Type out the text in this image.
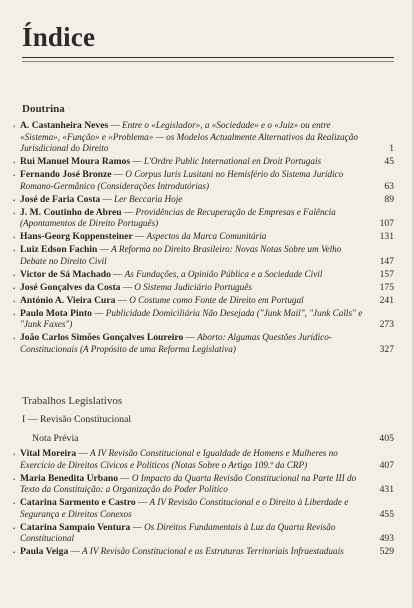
Índice
Doutrina
• A. Castanheira Neves — Entre o «Legislador», a «Sociedade» e o «Juiz» ou entre «Sistema», «Função» e «Problema» — os Modelos Actualmente Alternativos da Realização Jurisdicional do Direito	1
• Rui Manuel Moura Ramos — L'Ordre Public International en Droit Portugais	45
• Fernando José Bronze — O Corpus Iuris Lusitani no Hemisfério do Sistema Jurídico Romano-Germânico (Considerações Introdutórias)	63
• José de Faria Costa — Ler Beccaria Hoje	89
• J. M. Coutinho de Abreu — Providências de Recuperação de Empresas e Falência (Apontamentos de Direito Português)	107
• Hans-Georg Koppensteiner — Aspectos da Marca Comunitária	131
• Luiz Edson Fachin — A Reforma no Direito Brasileiro: Novas Notas Sobre um Velho Debate no Direito Civil	147
• Victor de Sá Machado — As Fundações, a Opinião Pública e a Sociedade Civil	157
• José Gonçalves da Costa — O Sistema Judiciário Português	175
• António A. Vieira Cura — O Costume como Fonte de Direito em Portugal	241
• Paulo Mota Pinto — Publicidade Domiciliária Não Desejada ("Junk Mail", "Junk Calls" e "Junk Faxes")	273
• João Carlos Simões Gonçalves Loureiro — Aborto: Algumas Questões Jurídico-Constitucionais (A Propósito de uma Reforma Legislativa)	327
Trabalhos Legislativos
I — Revisão Constitucional
Nota Prévia	405
• Vital Moreira — A IV Revisão Constitucional e Igualdade de Homens e Mulheres no Exercício de Direitos Cívicos e Políticos (Notas Sobre o Artigo 109.º da CRP)	407
• Maria Benedita Urbano — O Impacto da Quarta Revisão Constitucional na Parte III do Texto da Constituição: a Organização do Poder Político	431
• Catarina Sarmento e Castro — A IV Revisão Constitucional e o Direito à Liberdade e Segurança e Direitos Conexos	455
• Catarina Sampaio Ventura — Os Direitos Fundamentais à Luz da Quarta Revisão Constitucional	493
• Paula Veiga — A IV Revisão Constitucional e as Estruturas Territoriais Infraestaduais	529
